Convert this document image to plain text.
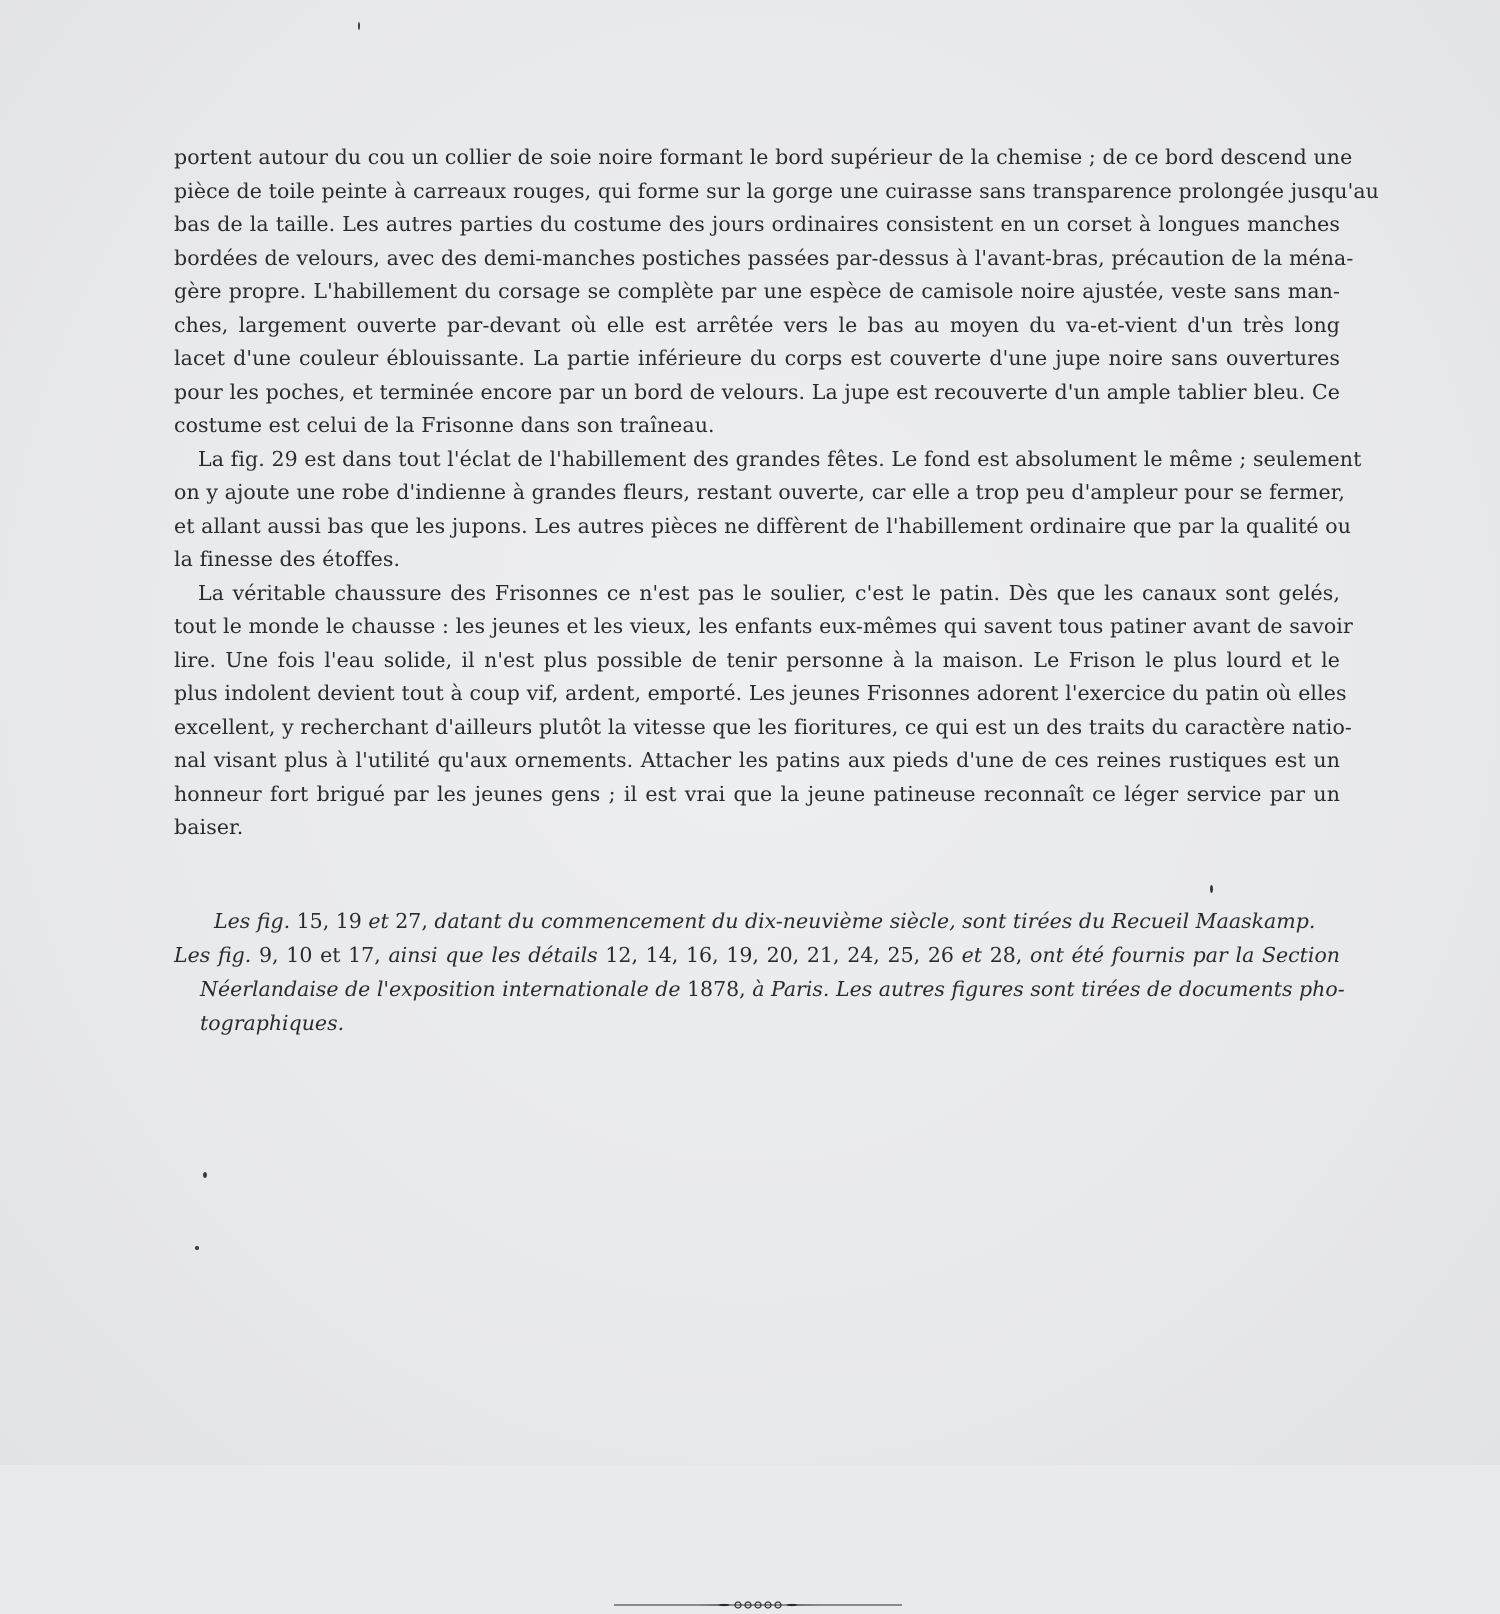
portent autour du cou un collier de soie noire formant le bord supérieur de la chemise ; de ce bord descend une
pièce de toile peinte à carreaux rouges, qui forme sur la gorge une cuirasse sans transparence prolongée jusqu'au
bas de la taille. Les autres parties du costume des jours ordinaires consistent en un corset à longues manches
bordées de velours, avec des demi-manches postiches passées par-dessus à l'avant-bras, précaution de la ména-
gère propre. L'habillement du corsage se complète par une espèce de camisole noire ajustée, veste sans man-
ches, largement ouverte par-devant où elle est arrêtée vers le bas au moyen du va-et-vient d'un très long
lacet d'une couleur éblouissante. La partie inférieure du corps est couverte d'une jupe noire sans ouvertures
pour les poches, et terminée encore par un bord de velours. La jupe est recouverte d'un ample tablier bleu. Ce
costume est celui de la Frisonne dans son traîneau.
La fig. 29 est dans tout l'éclat de l'habillement des grandes fêtes. Le fond est absolument le même ; seulement
on y ajoute une robe d'indienne à grandes fleurs, restant ouverte, car elle a trop peu d'ampleur pour se fermer,
et allant aussi bas que les jupons. Les autres pièces ne diffèrent de l'habillement ordinaire que par la qualité ou
la finesse des étoffes.
La véritable chaussure des Frisonnes ce n'est pas le soulier, c'est le patin. Dès que les canaux sont gelés,
tout le monde le chausse : les jeunes et les vieux, les enfants eux-mêmes qui savent tous patiner avant de savoir
lire. Une fois l'eau solide, il n'est plus possible de tenir personne à la maison. Le Frison le plus lourd et le
plus indolent devient tout à coup vif, ardent, emporté. Les jeunes Frisonnes adorent l'exercice du patin où elles
excellent, y recherchant d'ailleurs plutôt la vitesse que les fioritures, ce qui est un des traits du caractère natio-
nal visant plus à l'utilité qu'aux ornements. Attacher les patins aux pieds d'une de ces reines rustiques est un
honneur fort brigué par les jeunes gens ; il est vrai que la jeune patineuse reconnaît ce léger service par un
baiser.
Les fig. 15, 19 et 27, datant du commencement du dix-neuvième siècle, sont tirées du Recueil Maaskamp.
Les fig. 9, 10 et 17, ainsi que les détails 12, 14, 16, 19, 20, 21, 24, 25, 26 et 28, ont été fournis par la Section
Néerlandaise de l'exposition internationale de 1878, à Paris. Les autres figures sont tirées de documents pho-
tographiques.
